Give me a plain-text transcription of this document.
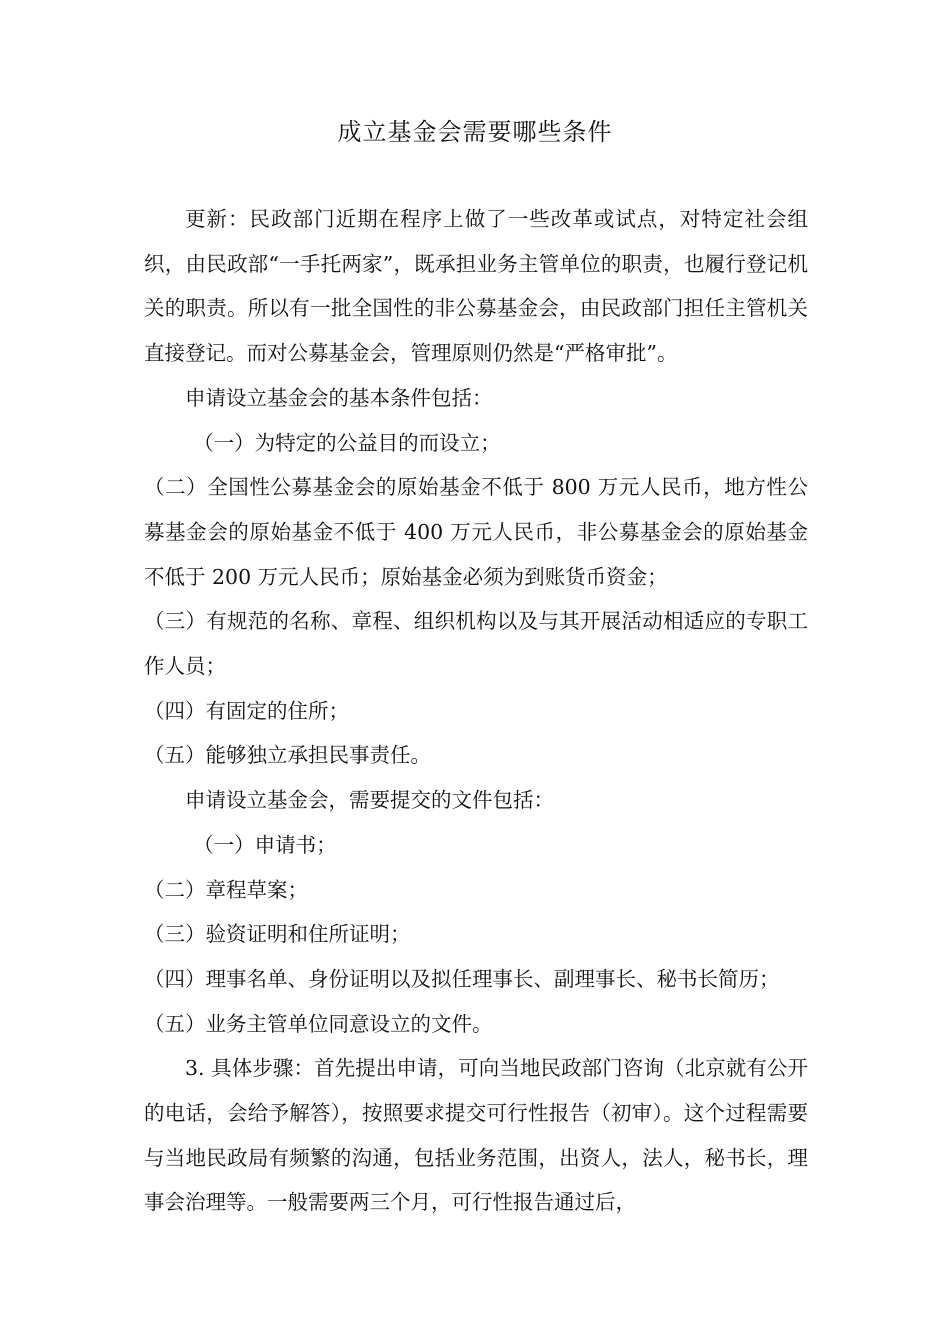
成立基金会需要哪些条件

更新：民政部门近期在程序上做了一些改革或试点，对特定社会组织，由民政部“一手托两家”，既承担业务主管单位的职责，也履行登记机关的职责。所以有一批全国性的非公募基金会，由民政部门担任主管机关直接登记。而对公募基金会，管理原则仍然是“严格审批”。

申请设立基金会的基本条件包括：

（一）为特定的公益目的而设立；

（二）全国性公募基金会的原始基金不低于 800 万元人民币，地方性公募基金会的原始基金不低于 400 万元人民币，非公募基金会的原始基金不低于 200 万元人民币；原始基金必须为到账货币资金；

（三）有规范的名称、章程、组织机构以及与其开展活动相适应的专职工作人员；

（四）有固定的住所；

（五）能够独立承担民事责任。

申请设立基金会，需要提交的文件包括：

（一）申请书；

（二）章程草案；

（三）验资证明和住所证明；

（四）理事名单、身份证明以及拟任理事长、副理事长、秘书长简历；

（五）业务主管单位同意设立的文件。

3. 具体步骤：首先提出申请，可向当地民政部门咨询（北京就有公开的电话，会给予解答），按照要求提交可行性报告（初审）。这个过程需要与当地民政局有频繁的沟通，包括业务范围，出资人，法人，秘书长，理事会治理等。一般需要两三个月，可行性报告通过后，
